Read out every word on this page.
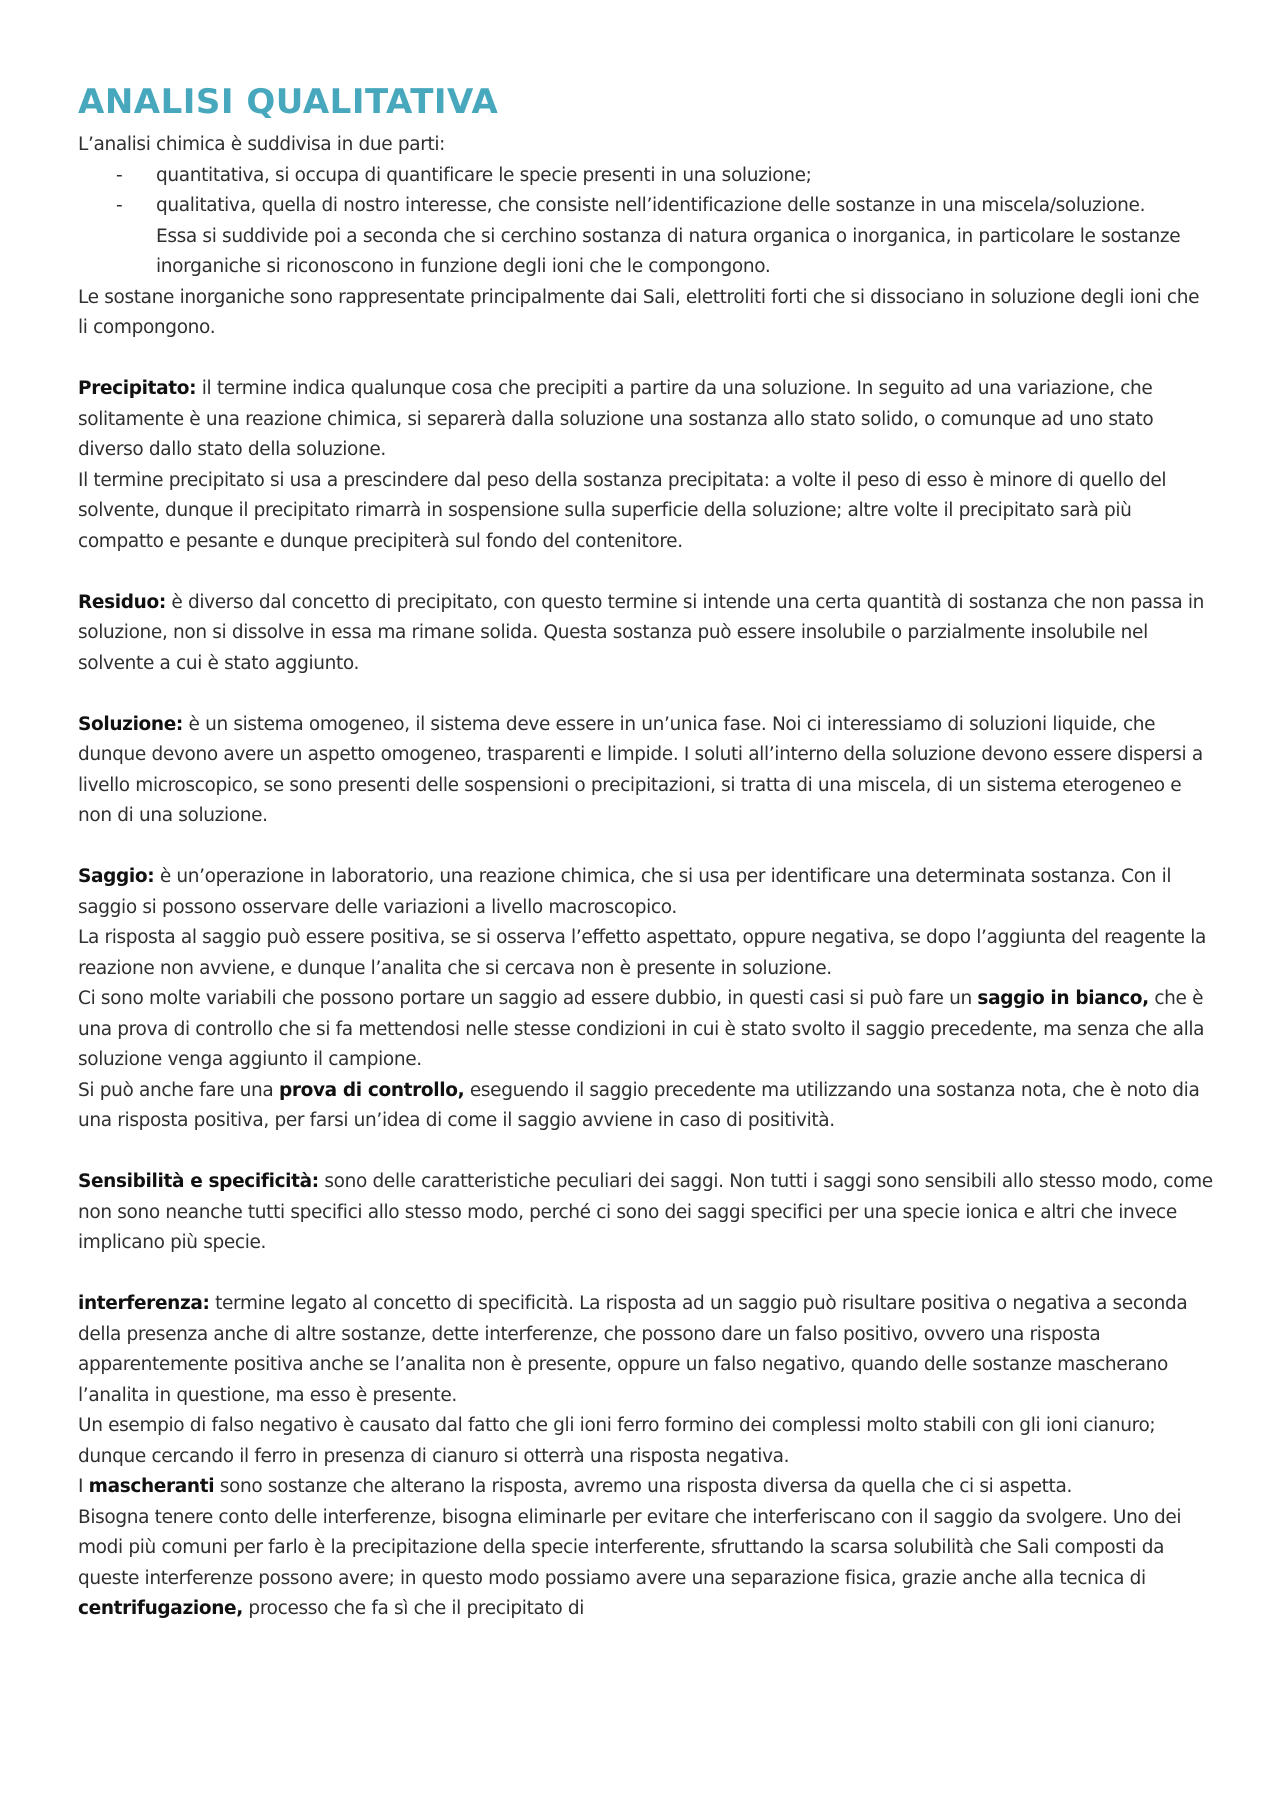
ANALISI QUALITATIVA

L’analisi chimica è suddivisa in due parti:

- quantitativa, si occupa di quantificare le specie presenti in una soluzione;
- qualitativa, quella di nostro interesse, che consiste nell’identificazione delle sostanze in una miscela/soluzione.
Essa si suddivide poi a seconda che si cerchino sostanza di natura organica o inorganica, in particolare le sostanze inorganiche si riconoscono in funzione degli ioni che le compongono.

Le sostane inorganiche sono rappresentate principalmente dai Sali, elettroliti forti che si dissociano in soluzione degli ioni che li compongono.

Precipitato: il termine indica qualunque cosa che precipiti a partire da una soluzione. In seguito ad una variazione, che solitamente è una reazione chimica, si separerà dalla soluzione una sostanza allo stato solido, o comunque ad uno stato diverso dallo stato della soluzione.

Il termine precipitato si usa a prescindere dal peso della sostanza precipitata: a volte il peso di esso è minore di quello del solvente, dunque il precipitato rimarrà in sospensione sulla superficie della soluzione; altre volte il precipitato sarà più compatto e pesante e dunque precipiterà sul fondo del contenitore.

Residuo: è diverso dal concetto di precipitato, con questo termine si intende una certa quantità di sostanza che non passa in soluzione, non si dissolve in essa ma rimane solida. Questa sostanza può essere insolubile o parzialmente insolubile nel solvente a cui è stato aggiunto.

Soluzione: è un sistema omogeneo, il sistema deve essere in un’unica fase. Noi ci interessiamo di soluzioni liquide, che dunque devono avere un aspetto omogeneo, trasparenti e limpide. I soluti all’interno della soluzione devono essere dispersi a livello microscopico, se sono presenti delle sospensioni o precipitazioni, si tratta di una miscela, di un sistema eterogeneo e non di una soluzione.

Saggio: è un’operazione in laboratorio, una reazione chimica, che si usa per identificare una determinata sostanza. Con il saggio si possono osservare delle variazioni a livello macroscopico.

La risposta al saggio può essere positiva, se si osserva l’effetto aspettato, oppure negativa, se dopo l’aggiunta del reagente la reazione non avviene, e dunque l’analita che si cercava non è presente in soluzione.

Ci sono molte variabili che possono portare un saggio ad essere dubbio, in questi casi si può fare un saggio in bianco, che è una prova di controllo che si fa mettendosi nelle stesse condizioni in cui è stato svolto il saggio precedente, ma senza che alla soluzione venga aggiunto il campione.

Si può anche fare una prova di controllo, eseguendo il saggio precedente ma utilizzando una sostanza nota, che è noto dia una risposta positiva, per farsi un’idea di come il saggio avviene in caso di positività.

Sensibilità e specificità: sono delle caratteristiche peculiari dei saggi. Non tutti i saggi sono sensibili allo stesso modo, come non sono neanche tutti specifici allo stesso modo, perché ci sono dei saggi specifici per una specie ionica e altri che invece implicano più specie.

interferenza: termine legato al concetto di specificità. La risposta ad un saggio può risultare positiva o negativa a seconda della presenza anche di altre sostanze, dette interferenze, che possono dare un falso positivo, ovvero una risposta apparentemente positiva anche se l’analita non è presente, oppure un falso negativo, quando delle sostanze mascherano l’analita in questione, ma esso è presente.

Un esempio di falso negativo è causato dal fatto che gli ioni ferro formino dei complessi molto stabili con gli ioni cianuro; dunque cercando il ferro in presenza di cianuro si otterrà una risposta negativa.

I mascheranti sono sostanze che alterano la risposta, avremo una risposta diversa da quella che ci si aspetta.

Bisogna tenere conto delle interferenze, bisogna eliminarle per evitare che interferiscano con il saggio da svolgere. Uno dei modi più comuni per farlo è la precipitazione della specie interferente, sfruttando la scarsa solubilità che Sali composti da queste interferenze possono avere; in questo modo possiamo avere una separazione fisica, grazie anche alla tecnica di centrifugazione, processo che fa sì che il precipitato di
